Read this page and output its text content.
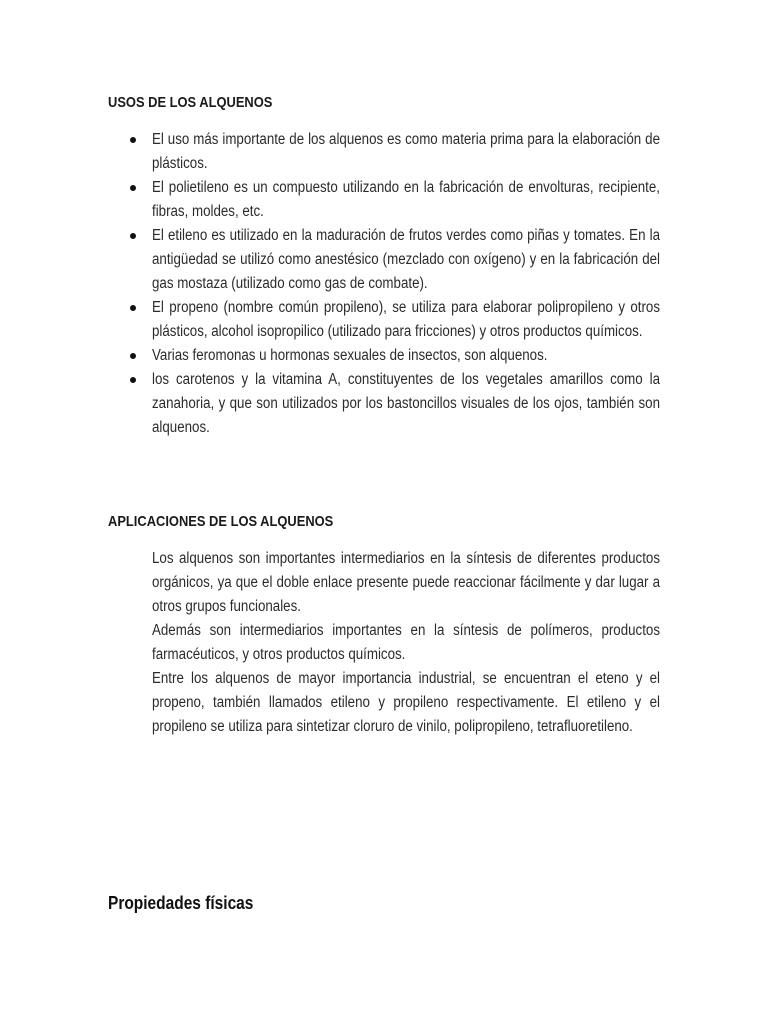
USOS DE LOS ALQUENOS
El uso más importante de los alquenos es como materia prima para la elaboración de plásticos.
El polietileno es un compuesto utilizando en la fabricación de envolturas, recipiente, fibras, moldes, etc.
El etileno es utilizado en la maduración de frutos verdes como piñas y tomates. En la antigüedad se utilizó como anestésico (mezclado con oxígeno) y en la fabricación del gas mostaza (utilizado como gas de combate).
El propeno (nombre común propileno), se utiliza para elaborar polipropileno y otros plásticos, alcohol isopropilico (utilizado para fricciones) y otros productos químicos.
Varias feromonas u hormonas sexuales de insectos, son alquenos.
los carotenos y la vitamina A, constituyentes de los vegetales amarillos como la zanahoria, y que son utilizados por los bastoncillos visuales de los ojos, también son alquenos.
APLICACIONES DE LOS ALQUENOS

Los alquenos son importantes intermediarios en la síntesis de diferentes productos orgánicos, ya que el doble enlace presente puede reaccionar fácilmente y dar lugar a otros grupos funcionales.

Además son intermediarios importantes en la síntesis de polímeros, productos farmacéuticos, y otros productos químicos.

Entre los alquenos de mayor importancia industrial, se encuentran el eteno y el propeno, también llamados etileno y propileno respectivamente. El etileno y el propileno se utiliza para sintetizar cloruro de vinilo, polipropileno, tetrafluoretileno.

Propiedades físicas
